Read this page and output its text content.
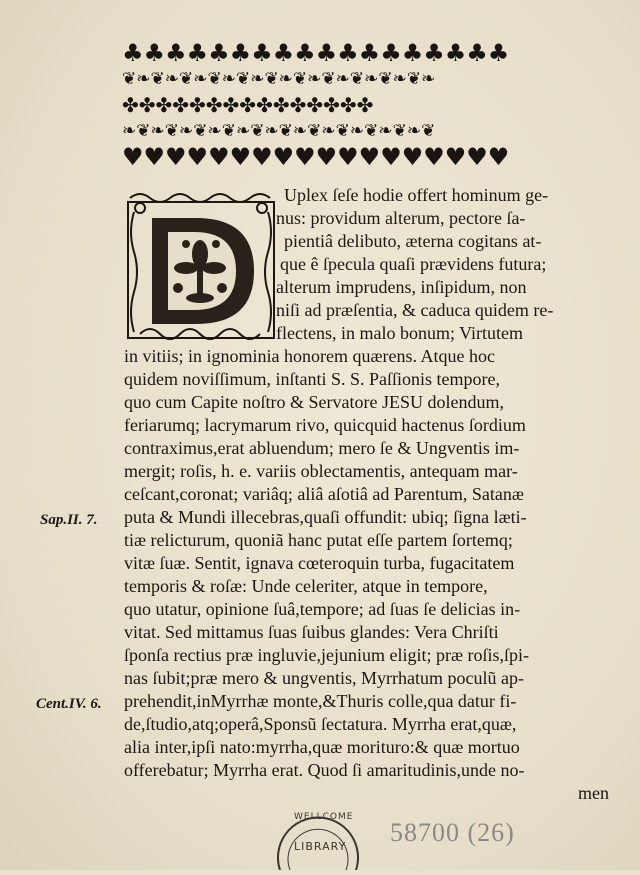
♣♣♣♣♣♣♣♣♣♣♣♣♣♣♣♣♣♣
❦❧❦❧❦❧❦❧❦❧❦❧❦❧❦❧❦❧❦❧❦❧
✤✤✤✤✤✤✤✤✤✤✤✤✤✤✤
❧❦❧❦❧❦❧❦❧❦❧❦❧❦❧❦❧❦❧❦❧❦
♥♥♥♥♥♥♥♥♥♥♥♥♥♥♥♥♥♥
Uplex ſeſe hodie offert hominum ge-
nus: providum alterum, pectore ſa-
pientiâ delibuto, æterna cogitans at-
que ê ſpecula quaſi prævidens futura;
alterum imprudens, inſipidum, non
niſi ad præſentia, & caduca quidem re-
flectens, in malo bonum; Virtutem
in vitiis; in ignominia honorem quærens. Atque hoc
quidem noviſſimum, inſtanti S. S. Paſſionis tempore,
quo cum Capite noſtro & Servatore JESU dolendum,
feriarumq; lacrymarum rivo, quicquid hactenus ſordium
contraximus,erat abluendum; mero ſe & Ungventis im-
mergit; roſis, h. e. variis oblectamentis, antequam mar-
ceſcant,coronat; variâq; aliâ aſotiâ ad Parentum, Satanæ
puta & Mundi illecebras,quaſi offundit: ubiq; ſigna læti-
tiæ relicturum, quoniã hanc putat eſſe partem ſortemq;
vitæ ſuæ. Sentit, ignava cœteroquin turba, fugacitatem
temporis & roſæ: Unde celeriter, atque in tempore,
quo utatur, opinione ſuâ,tempore; ad ſuas ſe delicias in-
vitat. Sed mittamus ſuas ſuibus glandes: Vera Chriſti
ſponſa rectius præ ingluvie,jejunium eligit; præ roſis,ſpi-
nas ſubit;præ mero & ungventis, Myrrhatum poculũ ap-
prehendit,inMyrrhæ monte,&Thuris colle,qua datur fi-
de,ſtudio,atq;operâ,Sponsũ ſectatura. Myrrha erat,quæ,
alia inter,ipſi nato:myrrha,quæ morituro:& quæ mortuo
offerebatur; Myrrha erat. Quod ſi amaritudinis,unde no-
men
Sap.II. 7.
Cent.IV. 6.
WELLCOME
LIBRARY 58700 (26)
